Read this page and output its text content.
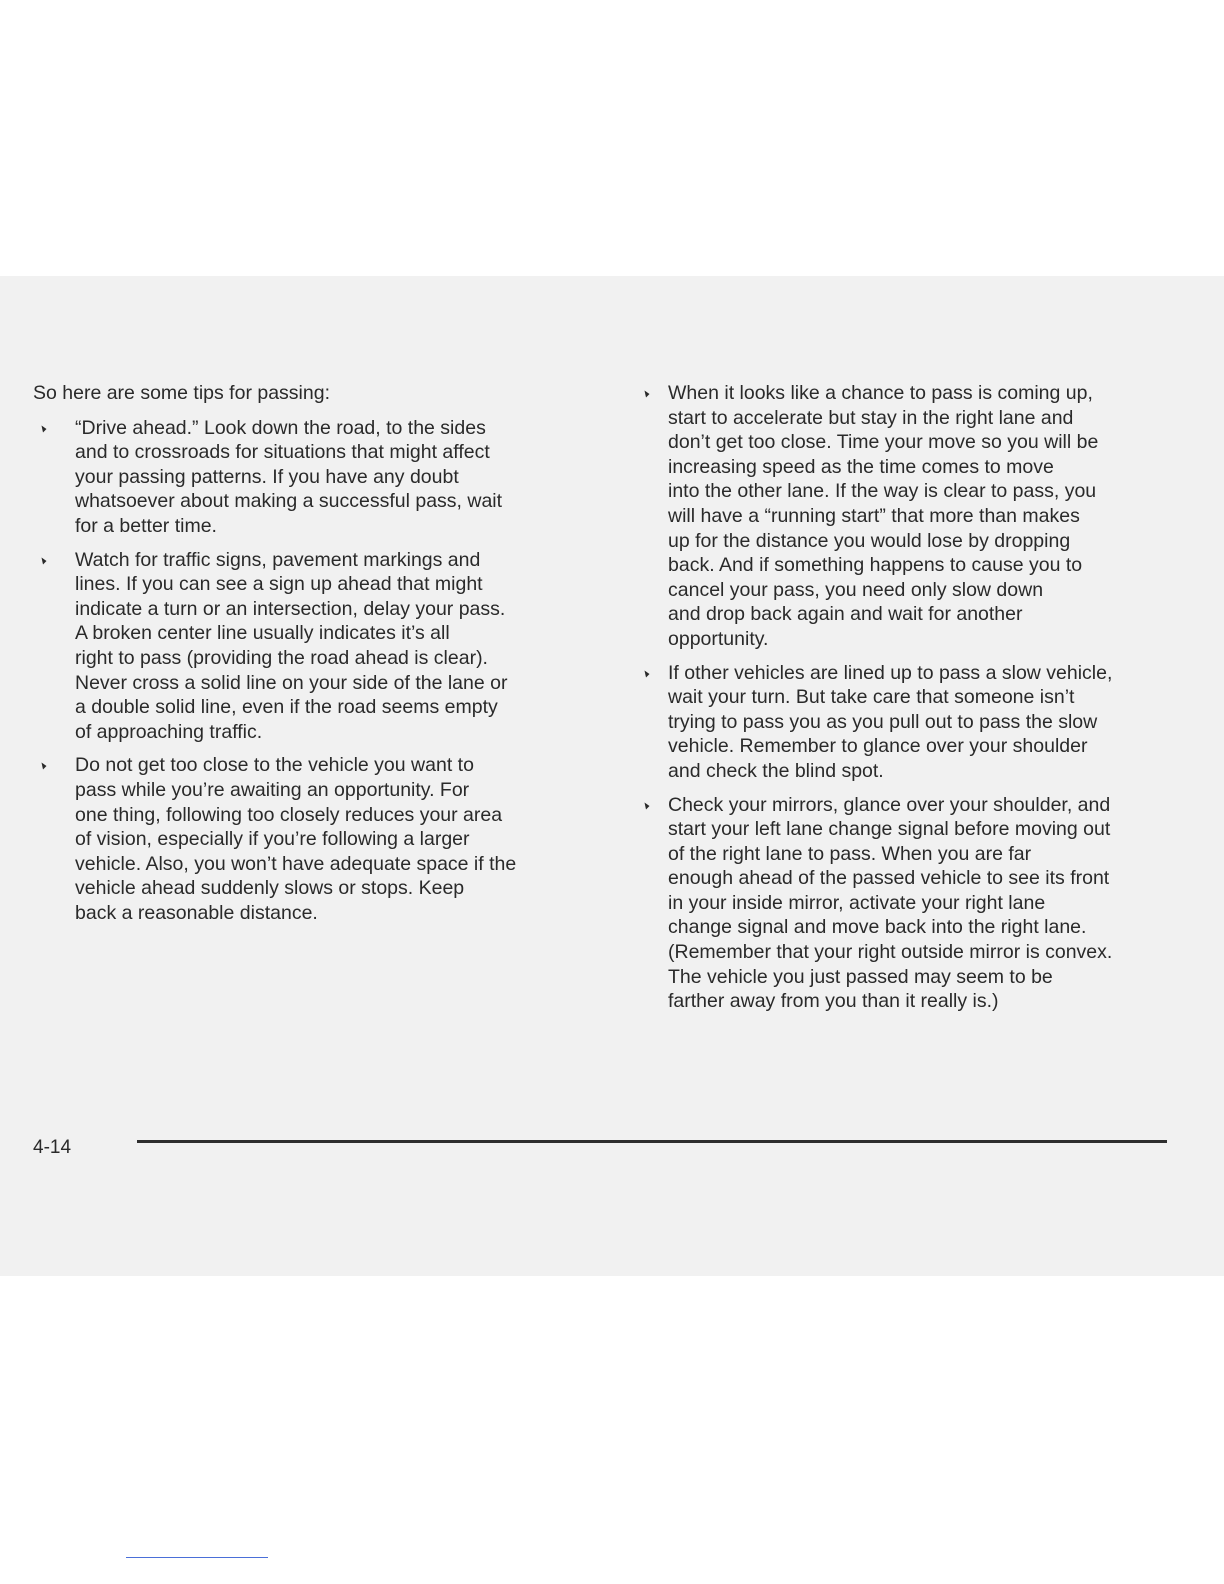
So here are some tips for passing:

“Drive ahead.” Look down the road, to the sides
and to crossroads for situations that might affect
your passing patterns. If you have any doubt
whatsoever about making a successful pass, wait
for a better time.
Watch for traffic signs, pavement markings and
lines. If you can see a sign up ahead that might
indicate a turn or an intersection, delay your pass.
A broken center line usually indicates it’s all
right to pass (providing the road ahead is clear).
Never cross a solid line on your side of the lane or
a double solid line, even if the road seems empty
of approaching traffic.
Do not get too close to the vehicle you want to
pass while you’re awaiting an opportunity. For
one thing, following too closely reduces your area
of vision, especially if you’re following a larger
vehicle. Also, you won’t have adequate space if the
vehicle ahead suddenly slows or stops. Keep
back a reasonable distance.
When it looks like a chance to pass is coming up,
start to accelerate but stay in the right lane and
don’t get too close. Time your move so you will be
increasing speed as the time comes to move
into the other lane. If the way is clear to pass, you
will have a “running start” that more than makes
up for the distance you would lose by dropping
back. And if something happens to cause you to
cancel your pass, you need only slow down
and drop back again and wait for another
opportunity.
If other vehicles are lined up to pass a slow vehicle,
wait your turn. But take care that someone isn’t
trying to pass you as you pull out to pass the slow
vehicle. Remember to glance over your shoulder
and check the blind spot.
Check your mirrors, glance over your shoulder, and
start your left lane change signal before moving out
of the right lane to pass. When you are far
enough ahead of the passed vehicle to see its front
in your inside mirror, activate your right lane
change signal and move back into the right lane.
(Remember that your right outside mirror is convex.
The vehicle you just passed may seem to be
farther away from you than it really is.)
4-14
